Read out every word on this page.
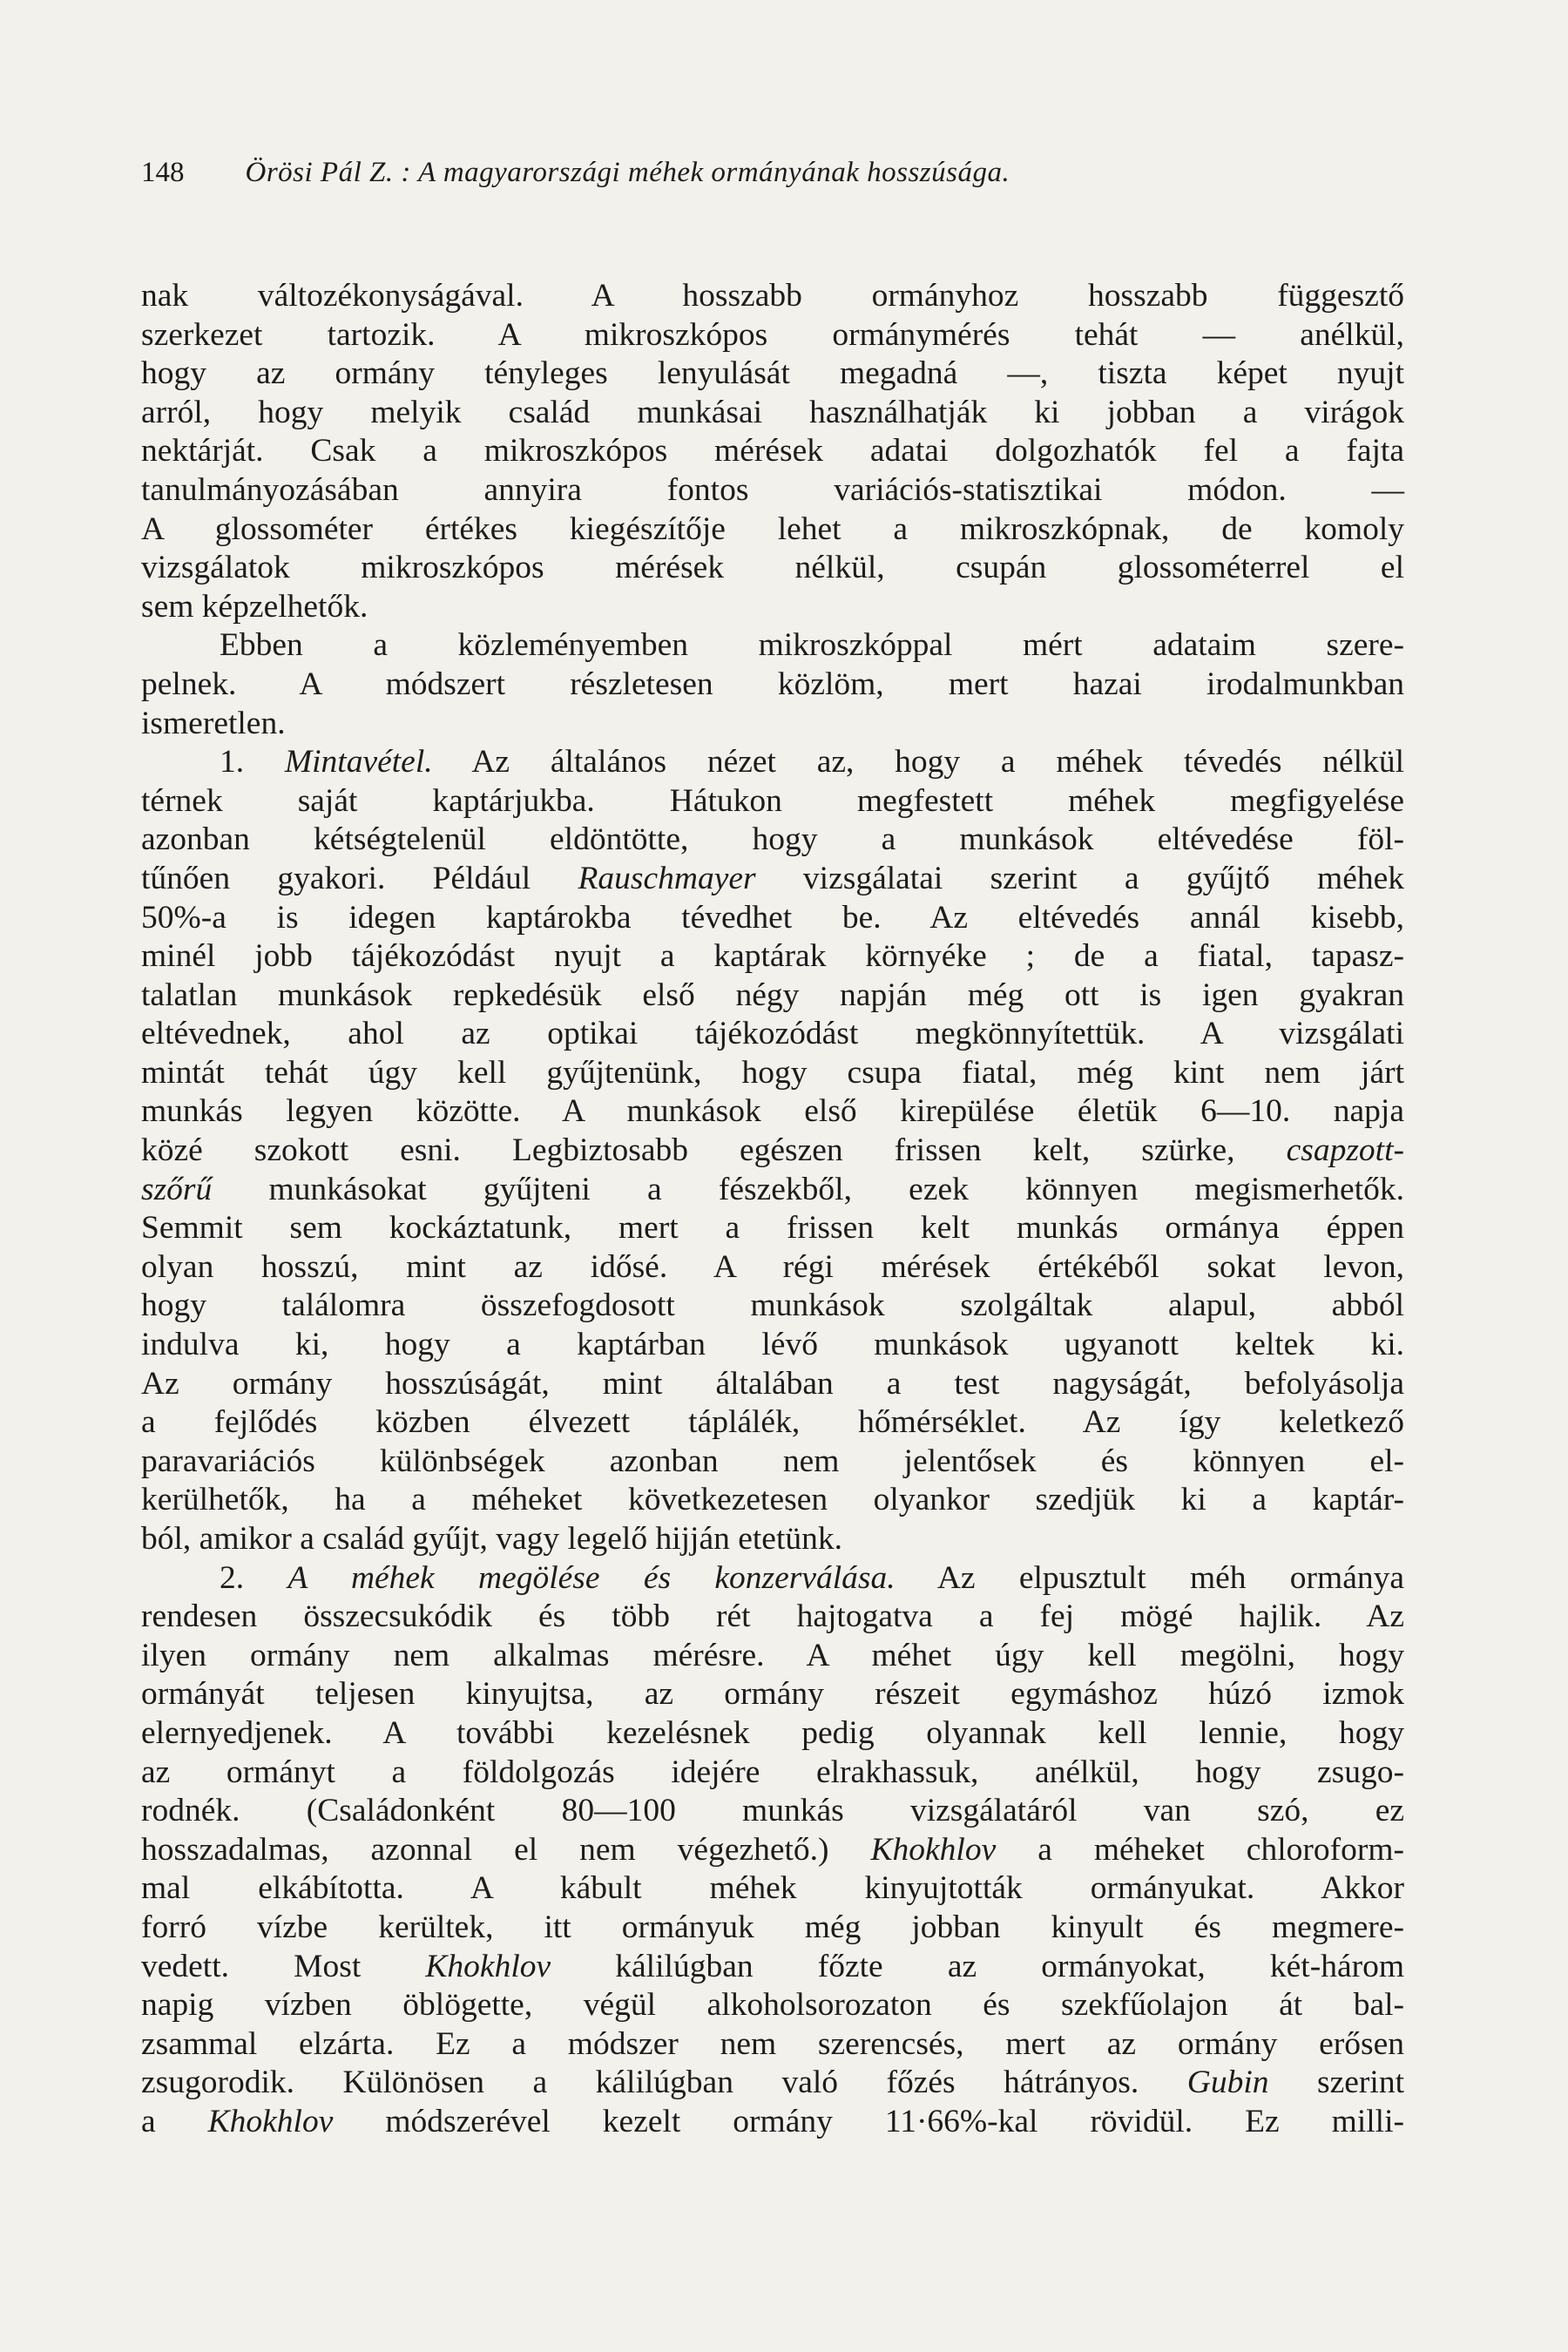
148 Örösi Pál Z. : A magyarországi méhek ormányának hosszúsága.
nak változékonyságával. A hosszabb ormányhoz hosszabb függesztő
szerkezet tartozik. A mikroszkópos ormánymérés tehát — anélkül,
hogy az ormány tényleges lenyulását megadná —, tiszta képet nyujt
arról, hogy melyik család munkásai használhatják ki jobban a virágok
nektárját. Csak a mikroszkópos mérések adatai dolgozhatók fel a fajta
tanulmányozásában annyira fontos variációs-statisztikai módon. —
A glossométer értékes kiegészítője lehet a mikroszkópnak, de komoly
vizsgálatok mikroszkópos mérések nélkül, csupán glossométerrel el
sem képzelhetők.
Ebben a közleményemben mikroszkóppal mért adataim szere-
pelnek. A módszert részletesen közlöm, mert hazai irodalmunkban
ismeretlen.
1. Mintavétel. Az általános nézet az, hogy a méhek tévedés nélkül
térnek saját kaptárjukba. Hátukon megfestett méhek megfigyelése
azonban kétségtelenül eldöntötte, hogy a munkások eltévedése föl-
tűnően gyakori. Például Rauschmayer vizsgálatai szerint a gyűjtő méhek
50%-a is idegen kaptárokba tévedhet be. Az eltévedés annál kisebb,
minél jobb tájékozódást nyujt a kaptárak környéke ; de a fiatal, tapasz-
talatlan munkások repkedésük első négy napján még ott is igen gyakran
eltévednek, ahol az optikai tájékozódást megkönnyítettük. A vizsgálati
mintát tehát úgy kell gyűjtenünk, hogy csupa fiatal, még kint nem járt
munkás legyen közötte. A munkások első kirepülése életük 6—10. napja
közé szokott esni. Legbiztosabb egészen frissen kelt, szürke, csapzott-
szőrű munkásokat gyűjteni a fészekből, ezek könnyen megismerhetők.
Semmit sem kockáztatunk, mert a frissen kelt munkás ormánya éppen
olyan hosszú, mint az idősé. A régi mérések értékéből sokat levon,
hogy találomra összefogdosott munkások szolgáltak alapul, abból
indulva ki, hogy a kaptárban lévő munkások ugyanott keltek ki.
Az ormány hosszúságát, mint általában a test nagyságát, befolyásolja
a fejlődés közben élvezett táplálék, hőmérséklet. Az így keletkező
paravariációs különbségek azonban nem jelentősek és könnyen el-
kerülhetők, ha a méheket következetesen olyankor szedjük ki a kaptár-
ból, amikor a család gyűjt, vagy legelő hijján etetünk.
2. A méhek megölése és konzerválása. Az elpusztult méh ormánya
rendesen összecsukódik és több rét hajtogatva a fej mögé hajlik. Az
ilyen ormány nem alkalmas mérésre. A méhet úgy kell megölni, hogy
ormányát teljesen kinyujtsa, az ormány részeit egymáshoz húzó izmok
elernyedjenek. A további kezelésnek pedig olyannak kell lennie, hogy
az ormányt a földolgozás idejére elrakhassuk, anélkül, hogy zsugo-
rodnék. (Családonként 80—100 munkás vizsgálatáról van szó, ez
hosszadalmas, azonnal el nem végezhető.) Khokhlov a méheket chloroform-
mal elkábította. A kábult méhek kinyujtották ormányukat. Akkor
forró vízbe kerültek, itt ormányuk még jobban kinyult és megmere-
vedett. Most Khokhlov kálilúgban főzte az ormányokat, két-három
napig vízben öblögette, végül alkoholsorozaton és szekfűolajon át bal-
zsammal elzárta. Ez a módszer nem szerencsés, mert az ormány erősen
zsugorodik. Különösen a kálilúgban való főzés hátrányos. Gubin szerint
a Khokhlov módszerével kezelt ormány 11·66%-kal rövidül. Ez milli-
